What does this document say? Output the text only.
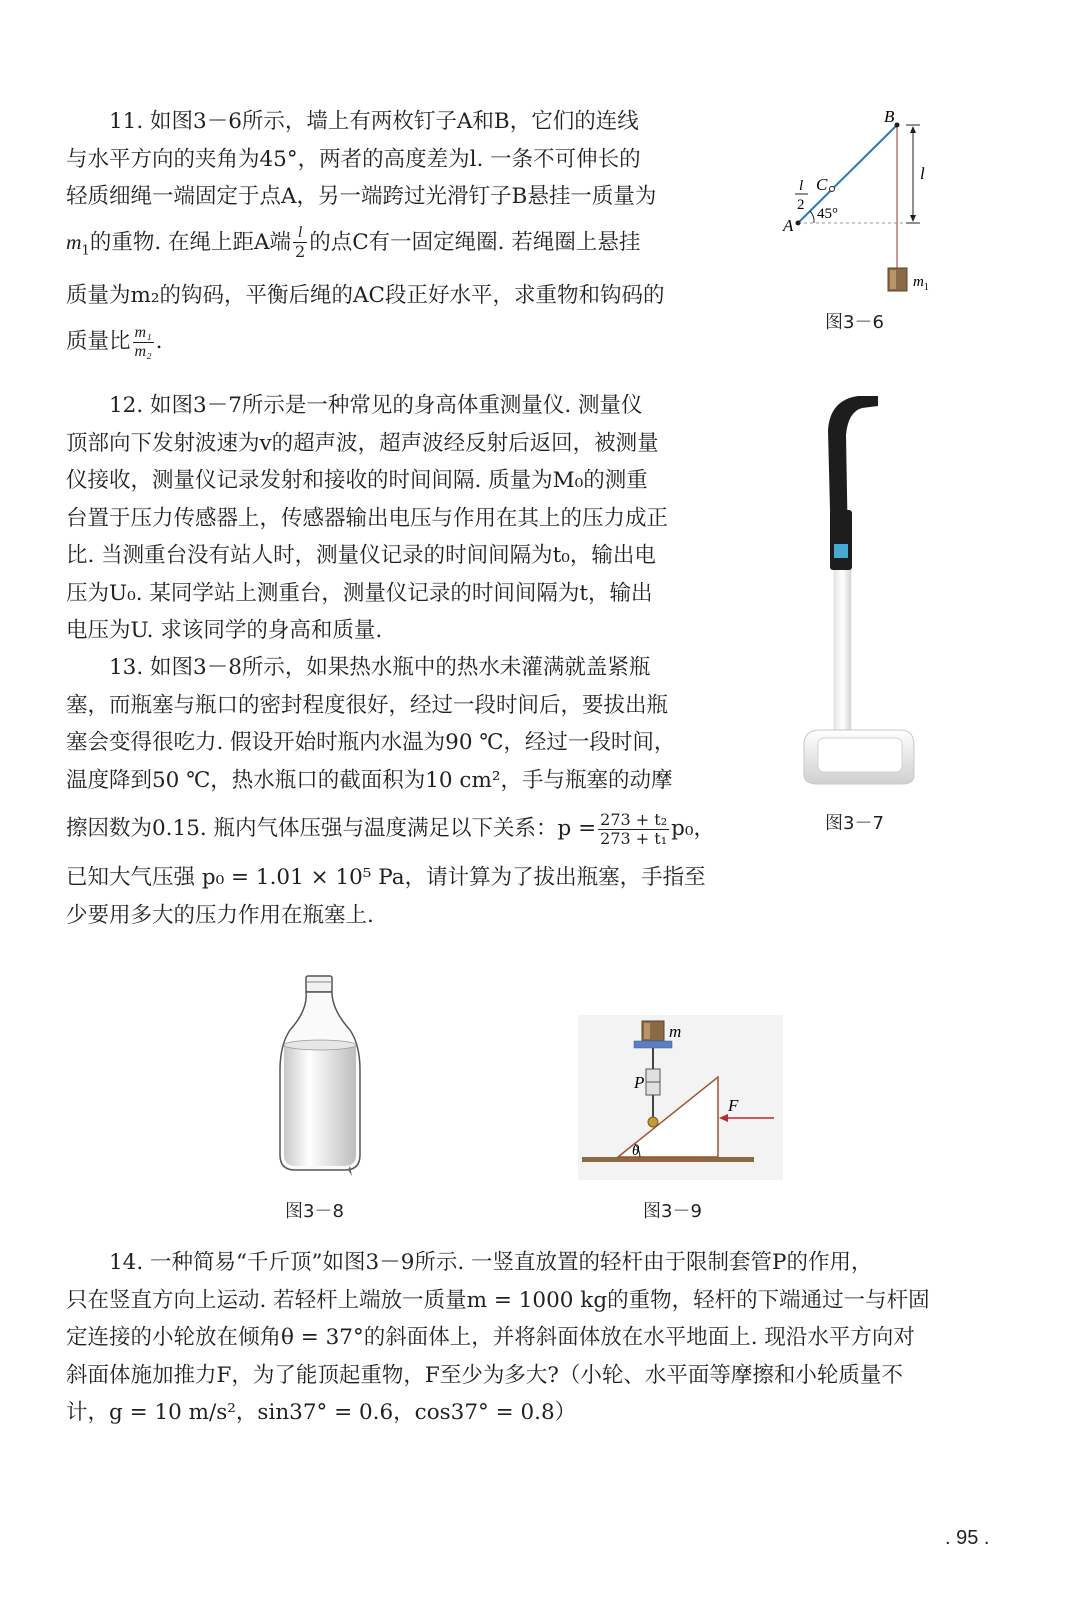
11. 如图3－6所示，墙上有两枚钉子A和B，它们的连线
与水平方向的夹角为45°，两者的高度差为l. 一条不可伸长的
轻质细绳一端固定于点A，另一端跨过光滑钉子B悬挂一质量为
$m_1$的重物. 在绳上距A端 $\frac{l}{2}$ 的点C有一固定绳圈. 若绳圈上悬挂
质量为m₂的钩码，平衡后绳的AC段正好水平，求重物和钩码的
质量比 $\frac{\text{m₁}}{\text{m₂}}$ .
12. 如图3－7所示是一种常见的身高体重测量仪. 测量仪
顶部向下发射波速为v的超声波，超声波经反射后返回，被测量
仪接收，测量仪记录发射和接收的时间间隔. 质量为M₀的测重
台置于压力传感器上，传感器输出电压与作用在其上的压力成正
比. 当测重台没有站人时，测量仪记录的时间间隔为t₀，输出电
压为U₀. 某同学站上测重台，测量仪记录的时间间隔为t，输出
电压为U. 求该同学的身高和质量.
13. 如图3－8所示，如果热水瓶中的热水未灌满就盖紧瓶
塞，而瓶塞与瓶口的密封程度很好，经过一段时间后，要拔出瓶
塞会变得很吃力. 假设开始时瓶内水温为90 ℃，经过一段时间，
温度降到50 ℃，热水瓶口的截面积为10 cm²，手与瓶塞的动摩
擦因数为0.15. 瓶内气体压强与温度满足以下关系：$p = \frac{\text{273 + t₂}}{\text{273 + t₁}} p_0$，
已知大气压强 p₀ = 1.01 × 10⁵ Pa，请计算为了拔出瓶塞，手指至
少要用多大的压力作用在瓶塞上.
14. 一种简易“千斤顶”如图3－9所示. 一竖直放置的轻杆由于限制套管P的作用，
只在竖直方向上运动. 若轻杆上端放一质量m = 1000 kg的重物，轻杆的下端通过一与杆固
定连接的小轮放在倾角θ = 37°的斜面体上，并将斜面体放在水平地面上. 现沿水平方向对
斜面体施加推力F，为了能顶起重物，F至少为多大?（小轮、水平面等摩擦和小轮质量不
计，g = 10 m/s²，sin37° = 0.6，cos37° = 0.8）
B
A
C
l
l
2
45°
$m_1$
图3－6
图3－7
图3－8
m
P
F
θ
图3－9
. 95 .
